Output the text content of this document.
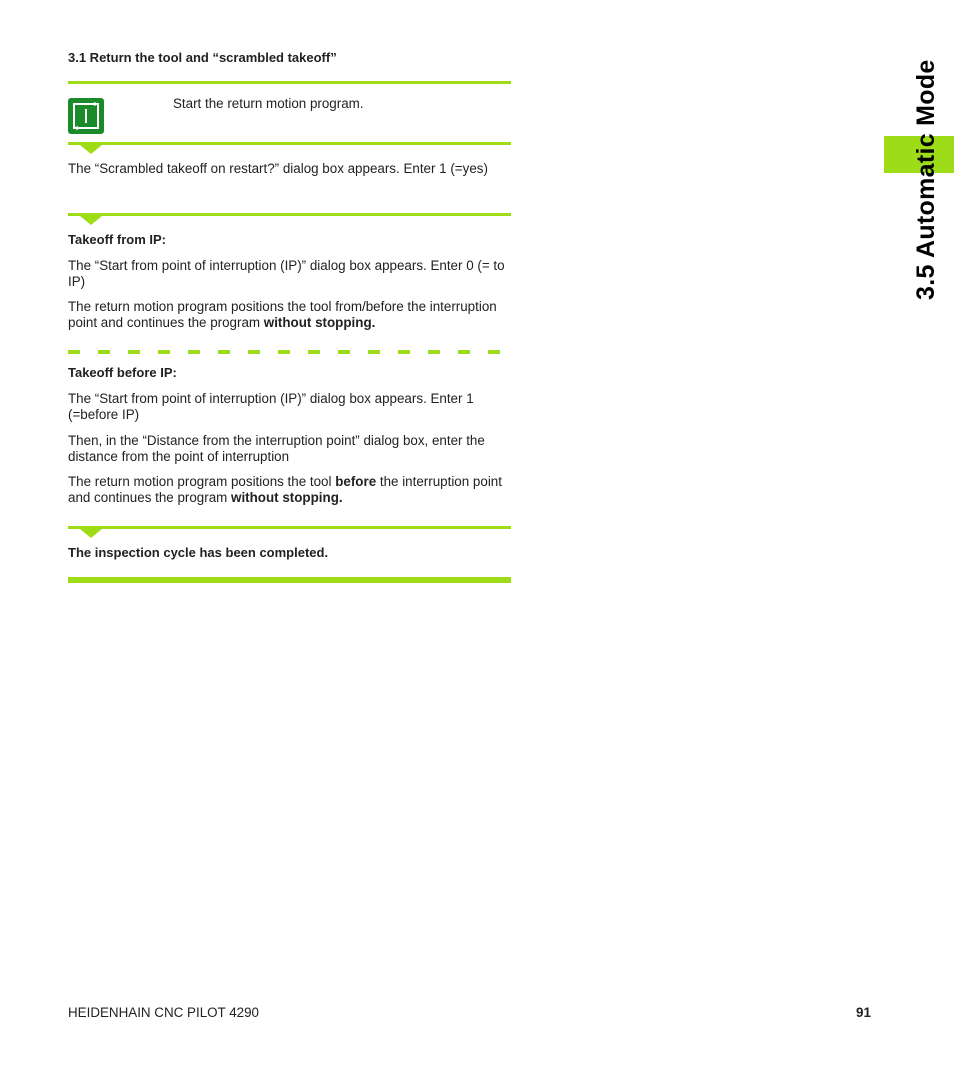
3.1 Return the tool and “scrambled takeoff”
Start the return motion program.
The “Scrambled takeoff on restart?” dialog box appears. Enter 1 (=yes)
Takeoff from IP:
The “Start from point of interruption (IP)” dialog box appears. Enter 0 (= to IP)
The return motion program positions the tool from/before the interruption point and continues the program without stopping.
Takeoff before IP:
The “Start from point of interruption (IP)” dialog box appears. Enter 1 (=before IP)
Then, in the “Distance from the interruption point” dialog box, enter the distance from the point of interruption
The return motion program positions the tool before the interruption point and continues the program without stopping.
The inspection cycle has been completed.
3.5 Automatic Mode
HEIDENHAIN CNC PILOT 4290	91
